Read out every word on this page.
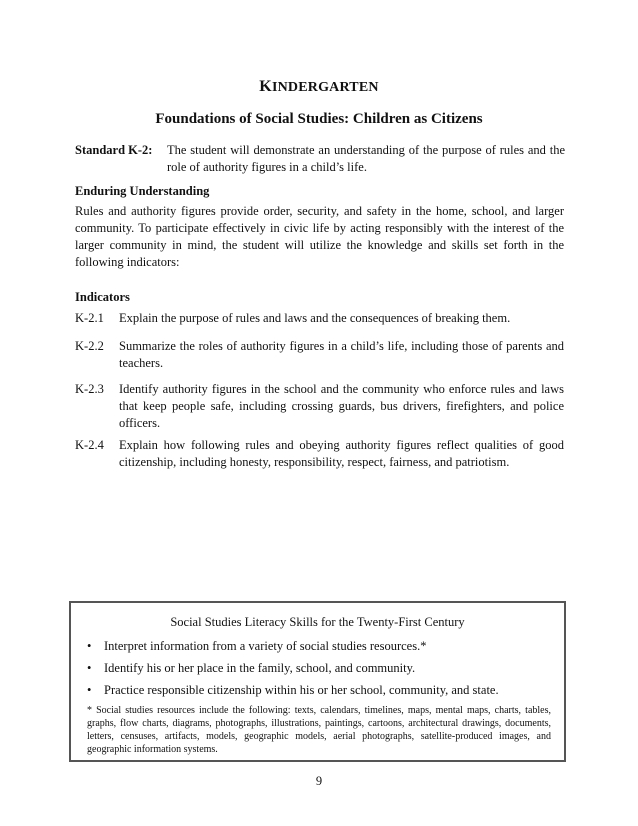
KINDERGARTEN
Foundations of Social Studies: Children as Citizens
Standard K-2: The student will demonstrate an understanding of the purpose of rules and the role of authority figures in a child’s life.
Enduring Understanding
Rules and authority figures provide order, security, and safety in the home, school, and larger community. To participate effectively in civic life by acting responsibly with the interest of the larger community in mind, the student will utilize the knowledge and skills set forth in the following indicators:
Indicators
K-2.1 Explain the purpose of rules and laws and the consequences of breaking them.
K-2.2 Summarize the roles of authority figures in a child’s life, including those of parents and teachers.
K-2.3 Identify authority figures in the school and the community who enforce rules and laws that keep people safe, including crossing guards, bus drivers, firefighters, and police officers.
K-2.4 Explain how following rules and obeying authority figures reflect qualities of good citizenship, including honesty, responsibility, respect, fairness, and patriotism.
Social Studies Literacy Skills for the Twenty-First Century
• Interpret information from a variety of social studies resources.*
• Identify his or her place in the family, school, and community.
• Practice responsible citizenship within his or her school, community, and state.
* Social studies resources include the following: texts, calendars, timelines, maps, mental maps, charts, tables, graphs, flow charts, diagrams, photographs, illustrations, paintings, cartoons, architectural drawings, documents, letters, censuses, artifacts, models, geographic models, aerial photographs, satellite-produced images, and geographic information systems.
9
